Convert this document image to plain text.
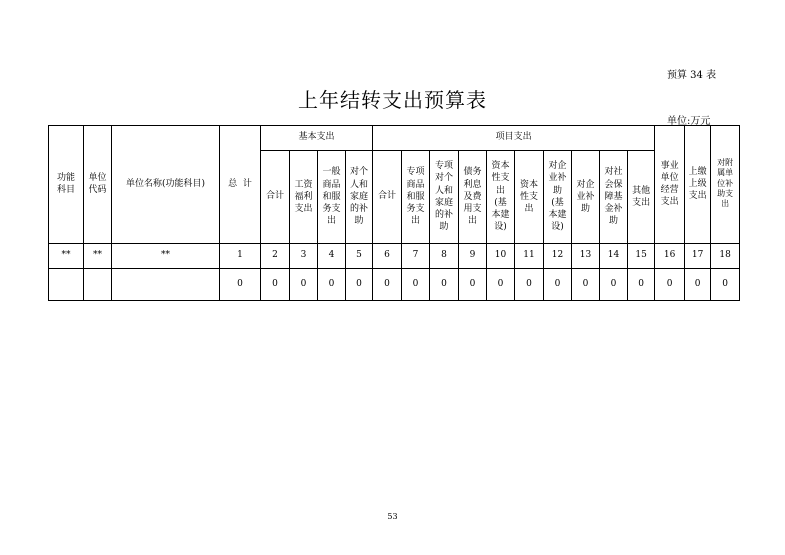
预算 34 表
上年结转支出预算表
单位:万元
功能科目	单位代码	单位名称(功能科目)	总  计	基本支出				项目支出										事业单位经营支出	上缴上级支出	对附属单位补助支出
				合计	工资福利支出	一般商品和服务支出	对个人和家庭的补助	合计	专项商品和服务支出	专项对个人和家庭的补助	债务利息及费用支出	资本性支出(基本建设)	资本性支出	对企业补助(基本建设)	对企业补助	对社会保障基金补助	其他支出			
**	**	**	1	2	3	4	5	6	7	8	9	10	11	12	13	14	15	16	17	18
			0	0	0	0	0	0	0	0	0	0	0	0	0	0	0	0	0	0
53
